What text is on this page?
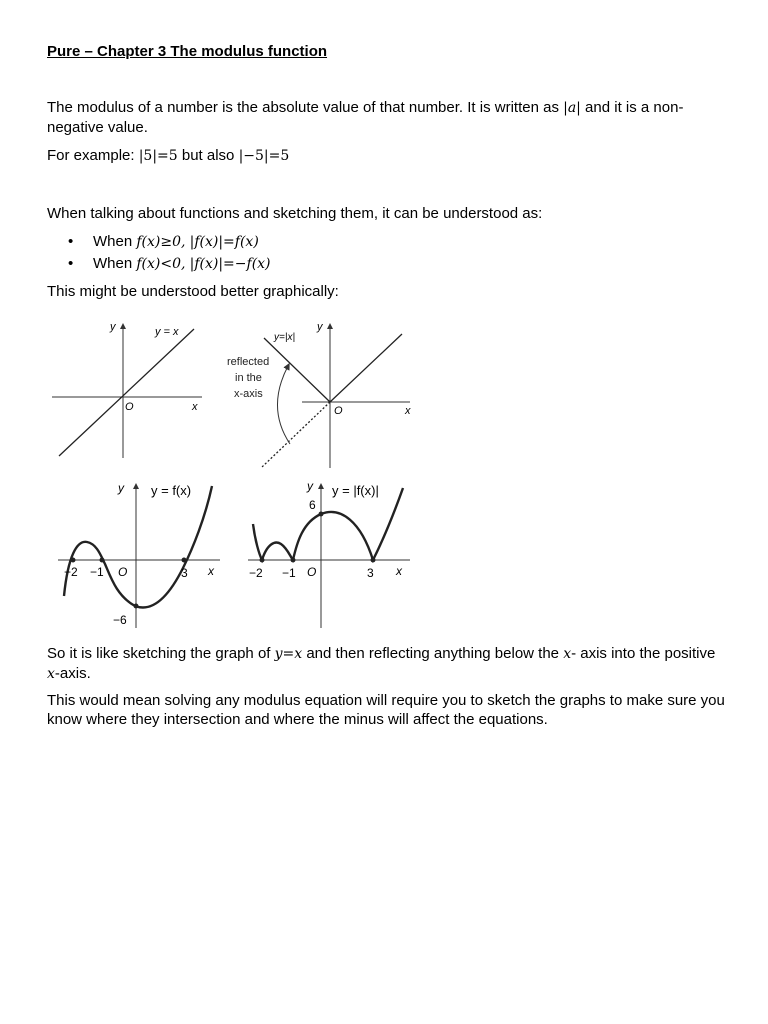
Pure – Chapter 3 The modulus function

The modulus of a number is the absolute value of that number. It is written as |a| and it is a non-negative value.

For example: |5|=5 but also |−5|=5

When talking about functions and sketching them, it can be understood as:

• When f(x)≥0, |f(x)|=f(x)
• When f(x)<0, |f(x)|=−f(x)

This might be understood better graphically:

So it is like sketching the graph of y=x and then reflecting anything below the x- axis into the positive x-axis.

This would mean solving any modulus equation will require you to sketch the graphs to make sure you know where they intersection and where the minus will affect the equations.

y
x
O
y = x	y
x
O
y=|x|
reflected
in the
x-axis
y
x
O
y = f(x)
−2 −1	3
−6
y
x
O
y = |f(x)|
−2 −1	3
6
